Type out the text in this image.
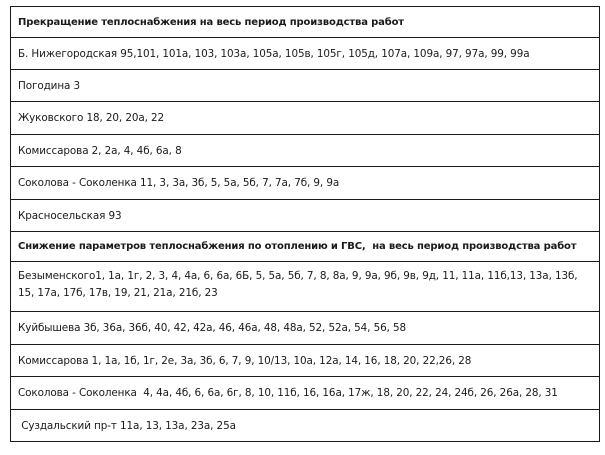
Прекращение теплоснабжения на весь период производства работ
Б. Нижегородская 95,101, 101а, 103, 103а, 105а, 105в, 105г, 105д, 107а, 109а, 97, 97а, 99, 99а
Погодина 3
Жуковского 18, 20, 20а, 22
Комиссарова 2, 2а, 4, 4б, 6а, 8
Соколова - Соколенка 11, 3, 3а, 3б, 5, 5а, 5б, 7, 7а, 7б, 9, 9а
Красносельская 93
Снижение параметров теплоснабжения по отоплению и ГВС,  на весь период производства работ
Безыменского1, 1а, 1г, 2, 3, 4, 4а, 6, 6а, 6Б, 5, 5а, 5б, 7, 8, 8а, 9, 9а, 9б, 9в, 9д, 11, 11а, 11б,13, 13а, 13б, 15, 17а, 17б, 17в, 19, 21, 21а, 21б, 23
Куйбышева 3б, 36а, 36б, 40, 42, 42а, 46, 46а, 48, 48а, 52, 52а, 54, 56, 58
Комиссарова 1, 1а, 1б, 1г, 2е, 3а, 3б, 6, 7, 9, 10/13, 10а, 12а, 14, 16, 18, 20, 22,26, 28
Соколова - Соколенка  4, 4а, 4б, 6, 6а, 6г, 8, 10, 11б, 16, 16а, 17ж, 18, 20, 22, 24, 24б, 26, 26а, 28, 31
Суздальский пр-т 11а, 13, 13а, 23а, 25а
